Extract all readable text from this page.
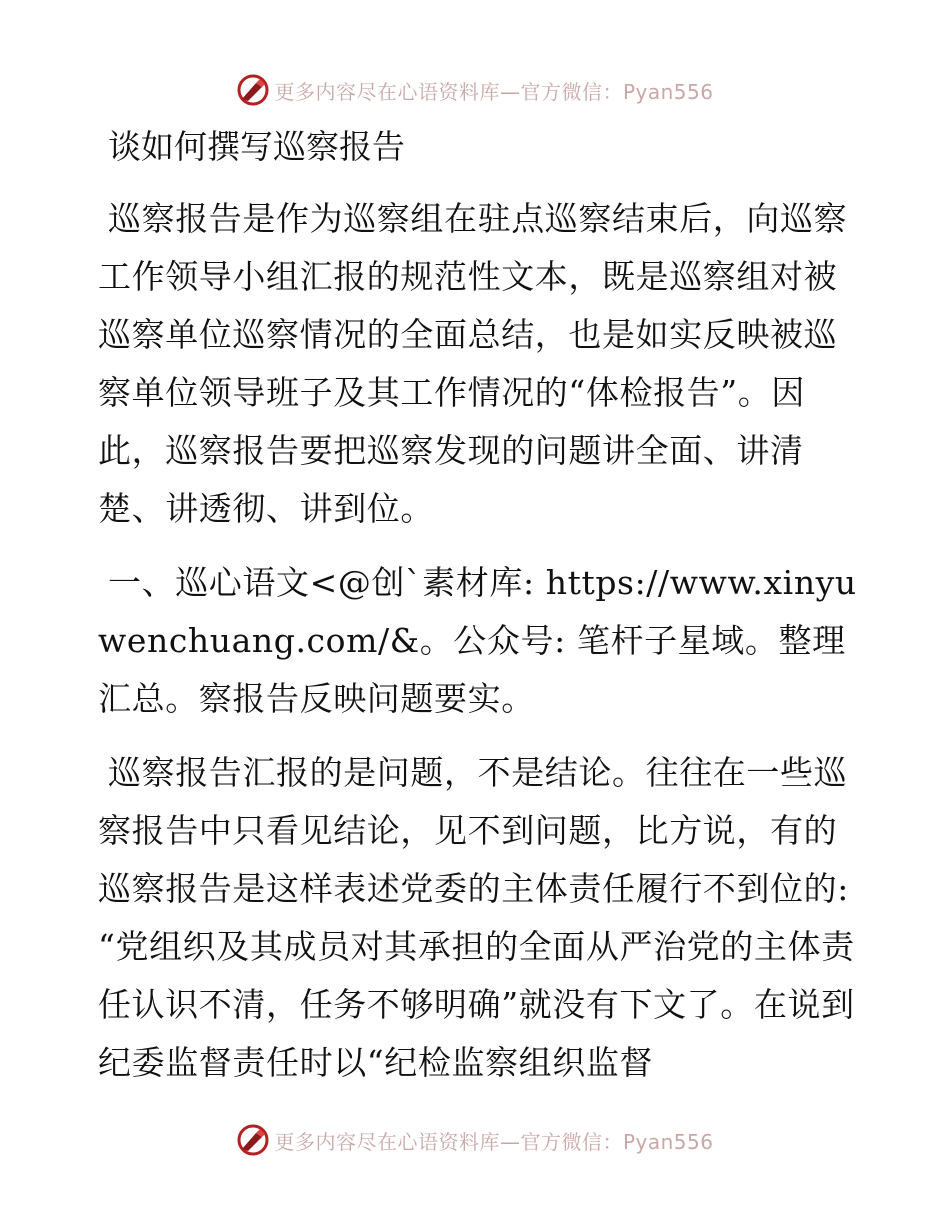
更多内容尽在心语资料库—官方微信：Pyan556
谈如何撰写巡察报告

巡察报告是作为巡察组在驻点巡察结束后，向巡察工作领导小组汇报的规范性文本，既是巡察组对被巡察单位巡察情况的全面总结，也是如实反映被巡察单位领导班子及其工作情况的“体检报告”。因此，巡察报告要把巡察发现的问题讲全面、讲清楚、讲透彻、讲到位。

一、巡心语文<@创`素材库: https://www.xinyuwenchuang.com/&。公众号: 笔杆子星域。整理汇总。察报告反映问题要实。

巡察报告汇报的是问题，不是结论。往往在一些巡察报告中只看见结论，见不到问题，比方说，有的巡察报告是这样表述党委的主体责任履行不到位的: “党组织及其成员对其承担的全面从严治党的主体责任认识不清，任务不够明确”就没有下文了。在说到纪委监督责任时以“纪检监察组织监督

更多内容尽在心语资料库—官方微信：Pyan556
